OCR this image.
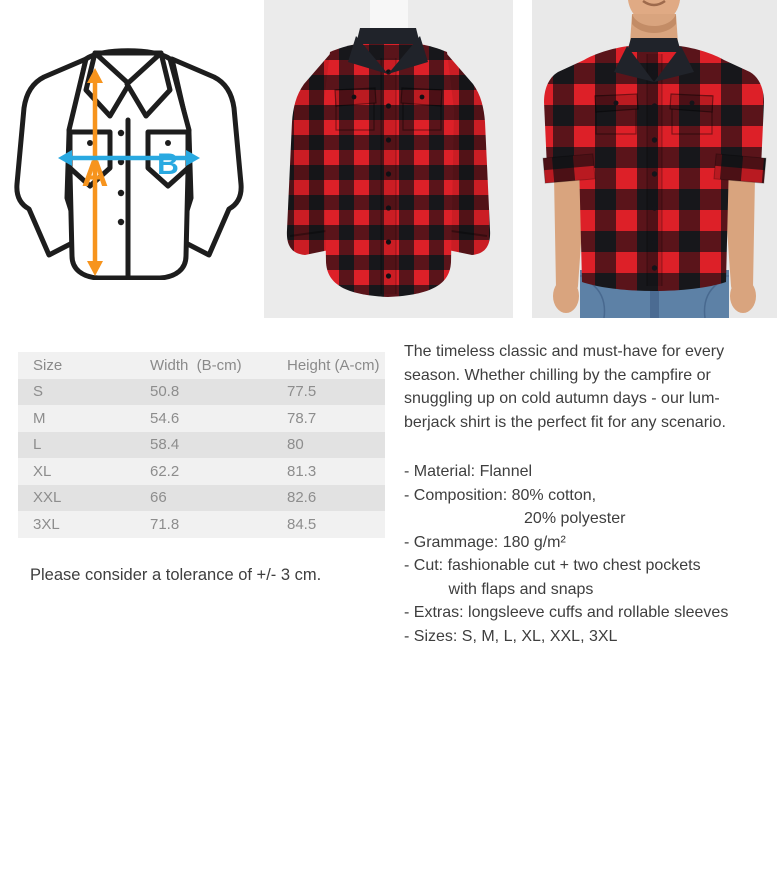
A B
Size	Width  (B-cm)	Height (A-cm)
S	50.8	77.5
M	54.6	78.7
L	58.4	80
XL	62.2	81.3
XXL	66	82.6
3XL	71.8	84.5
Please consider a tolerance of +/- 3 cm.
The timeless classic and must-have for every
season. Whether chilling by the campfire or
snuggling up on cold autumn days - our lum-
berjack shirt is the perfect fit for any scenario.
- Material: Flannel
- Composition: 80% cotton,
20% polyester
- Grammage: 180 g/m²
- Cut: fashionable cut + two chest pockets
with flaps and snaps
- Extras: longsleeve cuffs and rollable sleeves
- Sizes: S, M, L, XL, XXL, 3XL
